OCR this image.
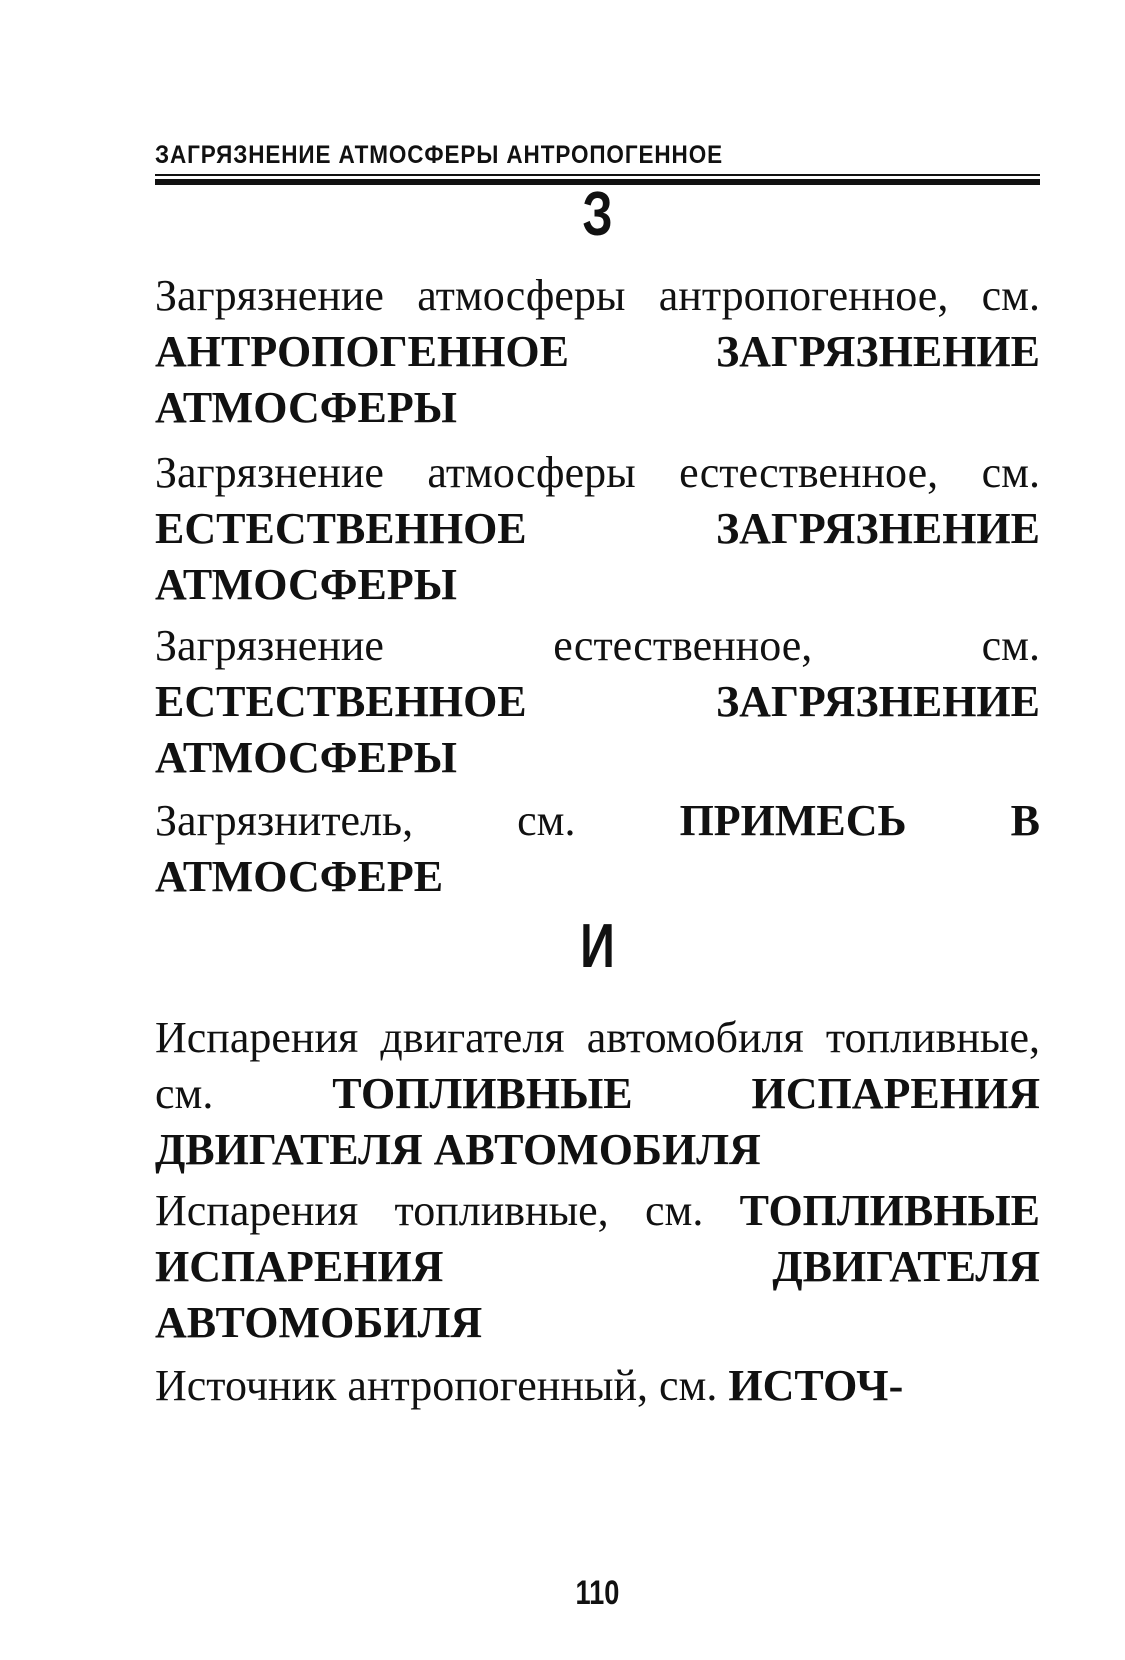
ЗАГРЯЗНЕНИЕ АТМОСФЕРЫ АНТРОПОГЕННОЕ
З
Загрязнение атмосферы антропогенное, см. АНТРОПОГЕННОЕ ЗАГРЯЗНЕНИЕ АТМОСФЕРЫ
Загрязнение атмосферы естественное, см. ЕСТЕСТВЕННОЕ ЗАГРЯЗНЕНИЕ АТМОСФЕРЫ
Загрязнение естественное,	см. ЕСТЕСТВЕННОЕ ЗАГРЯЗНЕНИЕ АТМОСФЕРЫ
Загрязнитель, см. ПРИМЕСЬ В АТМОСФЕРЕ
И
Испарения двигателя автомобиля топливные, см.	ТОПЛИВНЫЕ ИСПАРЕНИЯ ДВИГАТЕЛЯ АВТОМОБИЛЯ
Испарения топливные, см. ТОПЛИВНЫЕ ИСПАРЕНИЯ ДВИГАТЕЛЯ АВТОМОБИЛЯ
Источник антропогенный, см. ИСТОЧ-
110
